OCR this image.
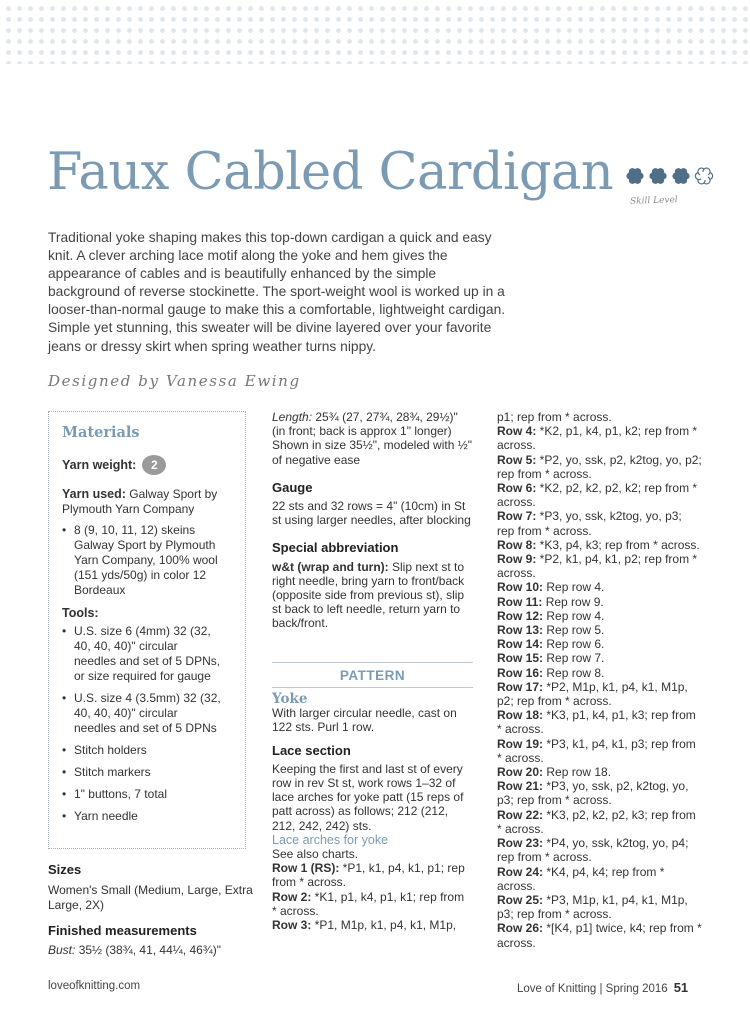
Faux Cabled Cardigan Skill Level

Traditional yoke shaping makes this top-down cardigan a quick and easy knit. A clever arching lace motif along the yoke and hem gives the appearance of cables and is beautifully enhanced by the simple background of reverse stockinette. The sport-weight wool is worked up in a looser-than-normal gauge to make this a comfortable, lightweight cardigan. Simple yet stunning, this sweater will be divine layered over your favorite jeans or dressy skirt when spring weather turns nippy.

Designed by Vanessa Ewing
Materials
Yarn weight:	2

Yarn used: Galway Sport by Plymouth Yarn Company

• 8 (9, 10, 11, 12) skeins Galway Sport by Plymouth Yarn Company, 100% wool (151 yds/50g) in color 12 Bordeaux
Tools:
• U.S. size 6 (4mm) 32 (32, 40, 40, 40)" circular needles and set of 5 DPNs, or size required for gauge
• U.S. size 4 (3.5mm) 32 (32, 40, 40, 40)" circular needles and set of 5 DPNs
• Stitch holders
• Stitch markers
• 1" buttons, 7 total
• Yarn needle
Sizes
Women's Small (Medium, Large, Extra Large, 2X)
Finished measurements
Bust: 35½ (38¾, 41, 44¼, 46¾)"

Length: 25¾ (27, 27¾, 28¾, 29½)" (in front; back is approx 1" longer)

Shown in size 35½", modeled with ½" of negative ease

Gauge

22 sts and 32 rows = 4" (10cm) in St st using larger needles, after blocking

Special abbreviation

w&t (wrap and turn): Slip next st to right needle, bring yarn to front/back (opposite side from previous st), slip st back to left needle, return yarn to back/front.

PATTERN

Yoke

With larger circular needle, cast on 122 sts. Purl 1 row.

Lace section

Keeping the first and last st of every row in rev St st, work rows 1–32 of lace arches for yoke patt (15 reps of patt across) as follows; 212 (212, 212, 242, 242) sts.

Lace arches for yoke

See also charts.

Row 1 (RS): *P1, k1, p4, k1, p1; rep from * across.

Row 2: *K1, p1, k4, p1, k1; rep from * across.

Row 3: *P1, M1p, k1, p4, k1, M1p,

p1; rep from * across.

Row 4: *K2, p1, k4, p1, k2; rep from * across.

Row 5: *P2, yo, ssk, p2, k2tog, yo, p2; rep from * across.

Row 6: *K2, p2, k2, p2, k2; rep from * across.

Row 7: *P3, yo, ssk, k2tog, yo, p3; rep from * across.

Row 8: *K3, p4, k3; rep from * across.

Row 9: *P2, k1, p4, k1, p2; rep from * across.

Row 10: Rep row 4.

Row 11: Rep row 9.

Row 12: Rep row 4.

Row 13: Rep row 5.

Row 14: Rep row 6.

Row 15: Rep row 7.

Row 16: Rep row 8.

Row 17: *P2, M1p, k1, p4, k1, M1p, p2; rep from * across.

Row 18: *K3, p1, k4, p1, k3; rep from * across.

Row 19: *P3, k1, p4, k1, p3; rep from * across.

Row 20: Rep row 18.

Row 21: *P3, yo, ssk, p2, k2tog, yo, p3; rep from * across.

Row 22: *K3, p2, k2, p2, k3; rep from * across.

Row 23: *P4, yo, ssk, k2tog, yo, p4; rep from * across.

Row 24: *K4, p4, k4; rep from * across.

Row 25: *P3, M1p, k1, p4, k1, M1p, p3; rep from * across.

Row 26: *[K4, p1] twice, k4; rep from * across.

loveofknitting.com	Love of Knitting | Spring 2016 51
